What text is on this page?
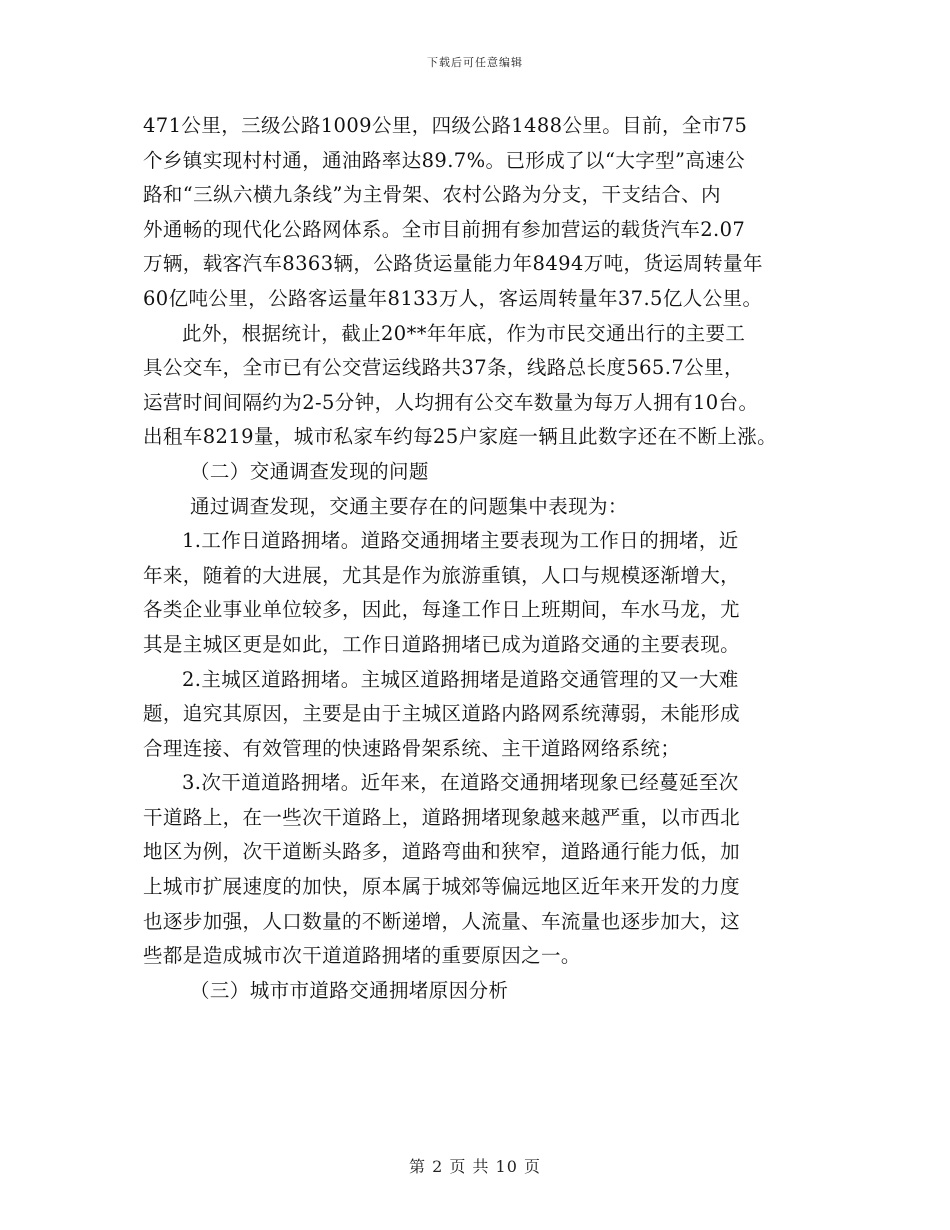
下载后可任意编辑
471公里，三级公路1009公里，四级公路1488公里。目前，全市75
个乡镇实现村村通，通油路率达89.7%。已形成了以“大字型”高速公
路和“三纵六横九条线”为主骨架、农村公路为分支，干支结合、内
外通畅的现代化公路网体系。全市目前拥有参加营运的载货汽车2.07
万辆，载客汽车8363辆，公路货运量能力年8494万吨，货运周转量年
60亿吨公里，公路客运量年8133万人，客运周转量年37.5亿人公里。
此外，根据统计，截止20**年年底，作为市民交通出行的主要工
具公交车，全市已有公交营运线路共37条，线路总长度565.7公里，
运营时间间隔约为2-5分钟，人均拥有公交车数量为每万人拥有10台。
出租车8219量，城市私家车约每25户家庭一辆且此数字还在不断上涨。
（二）交通调查发现的问题
通过调查发现，交通主要存在的问题集中表现为：
1.工作日道路拥堵。道路交通拥堵主要表现为工作日的拥堵，近
年来，随着的大进展，尤其是作为旅游重镇，人口与规模逐渐增大，
各类企业事业单位较多，因此，每逢工作日上班期间，车水马龙，尤
其是主城区更是如此，工作日道路拥堵已成为道路交通的主要表现。
2.主城区道路拥堵。主城区道路拥堵是道路交通管理的又一大难
题，追究其原因，主要是由于主城区道路内路网系统薄弱，未能形成
合理连接、有效管理的快速路骨架系统、主干道路网络系统；
3.次干道道路拥堵。近年来，在道路交通拥堵现象已经蔓延至次
干道路上，在一些次干道路上，道路拥堵现象越来越严重，以市西北
地区为例，次干道断头路多，道路弯曲和狭窄，道路通行能力低，加
上城市扩展速度的加快，原本属于城郊等偏远地区近年来开发的力度
也逐步加强，人口数量的不断递增，人流量、车流量也逐步加大，这
些都是造成城市次干道道路拥堵的重要原因之一。
（三）城市市道路交通拥堵原因分析
第 2 页 共 10 页
